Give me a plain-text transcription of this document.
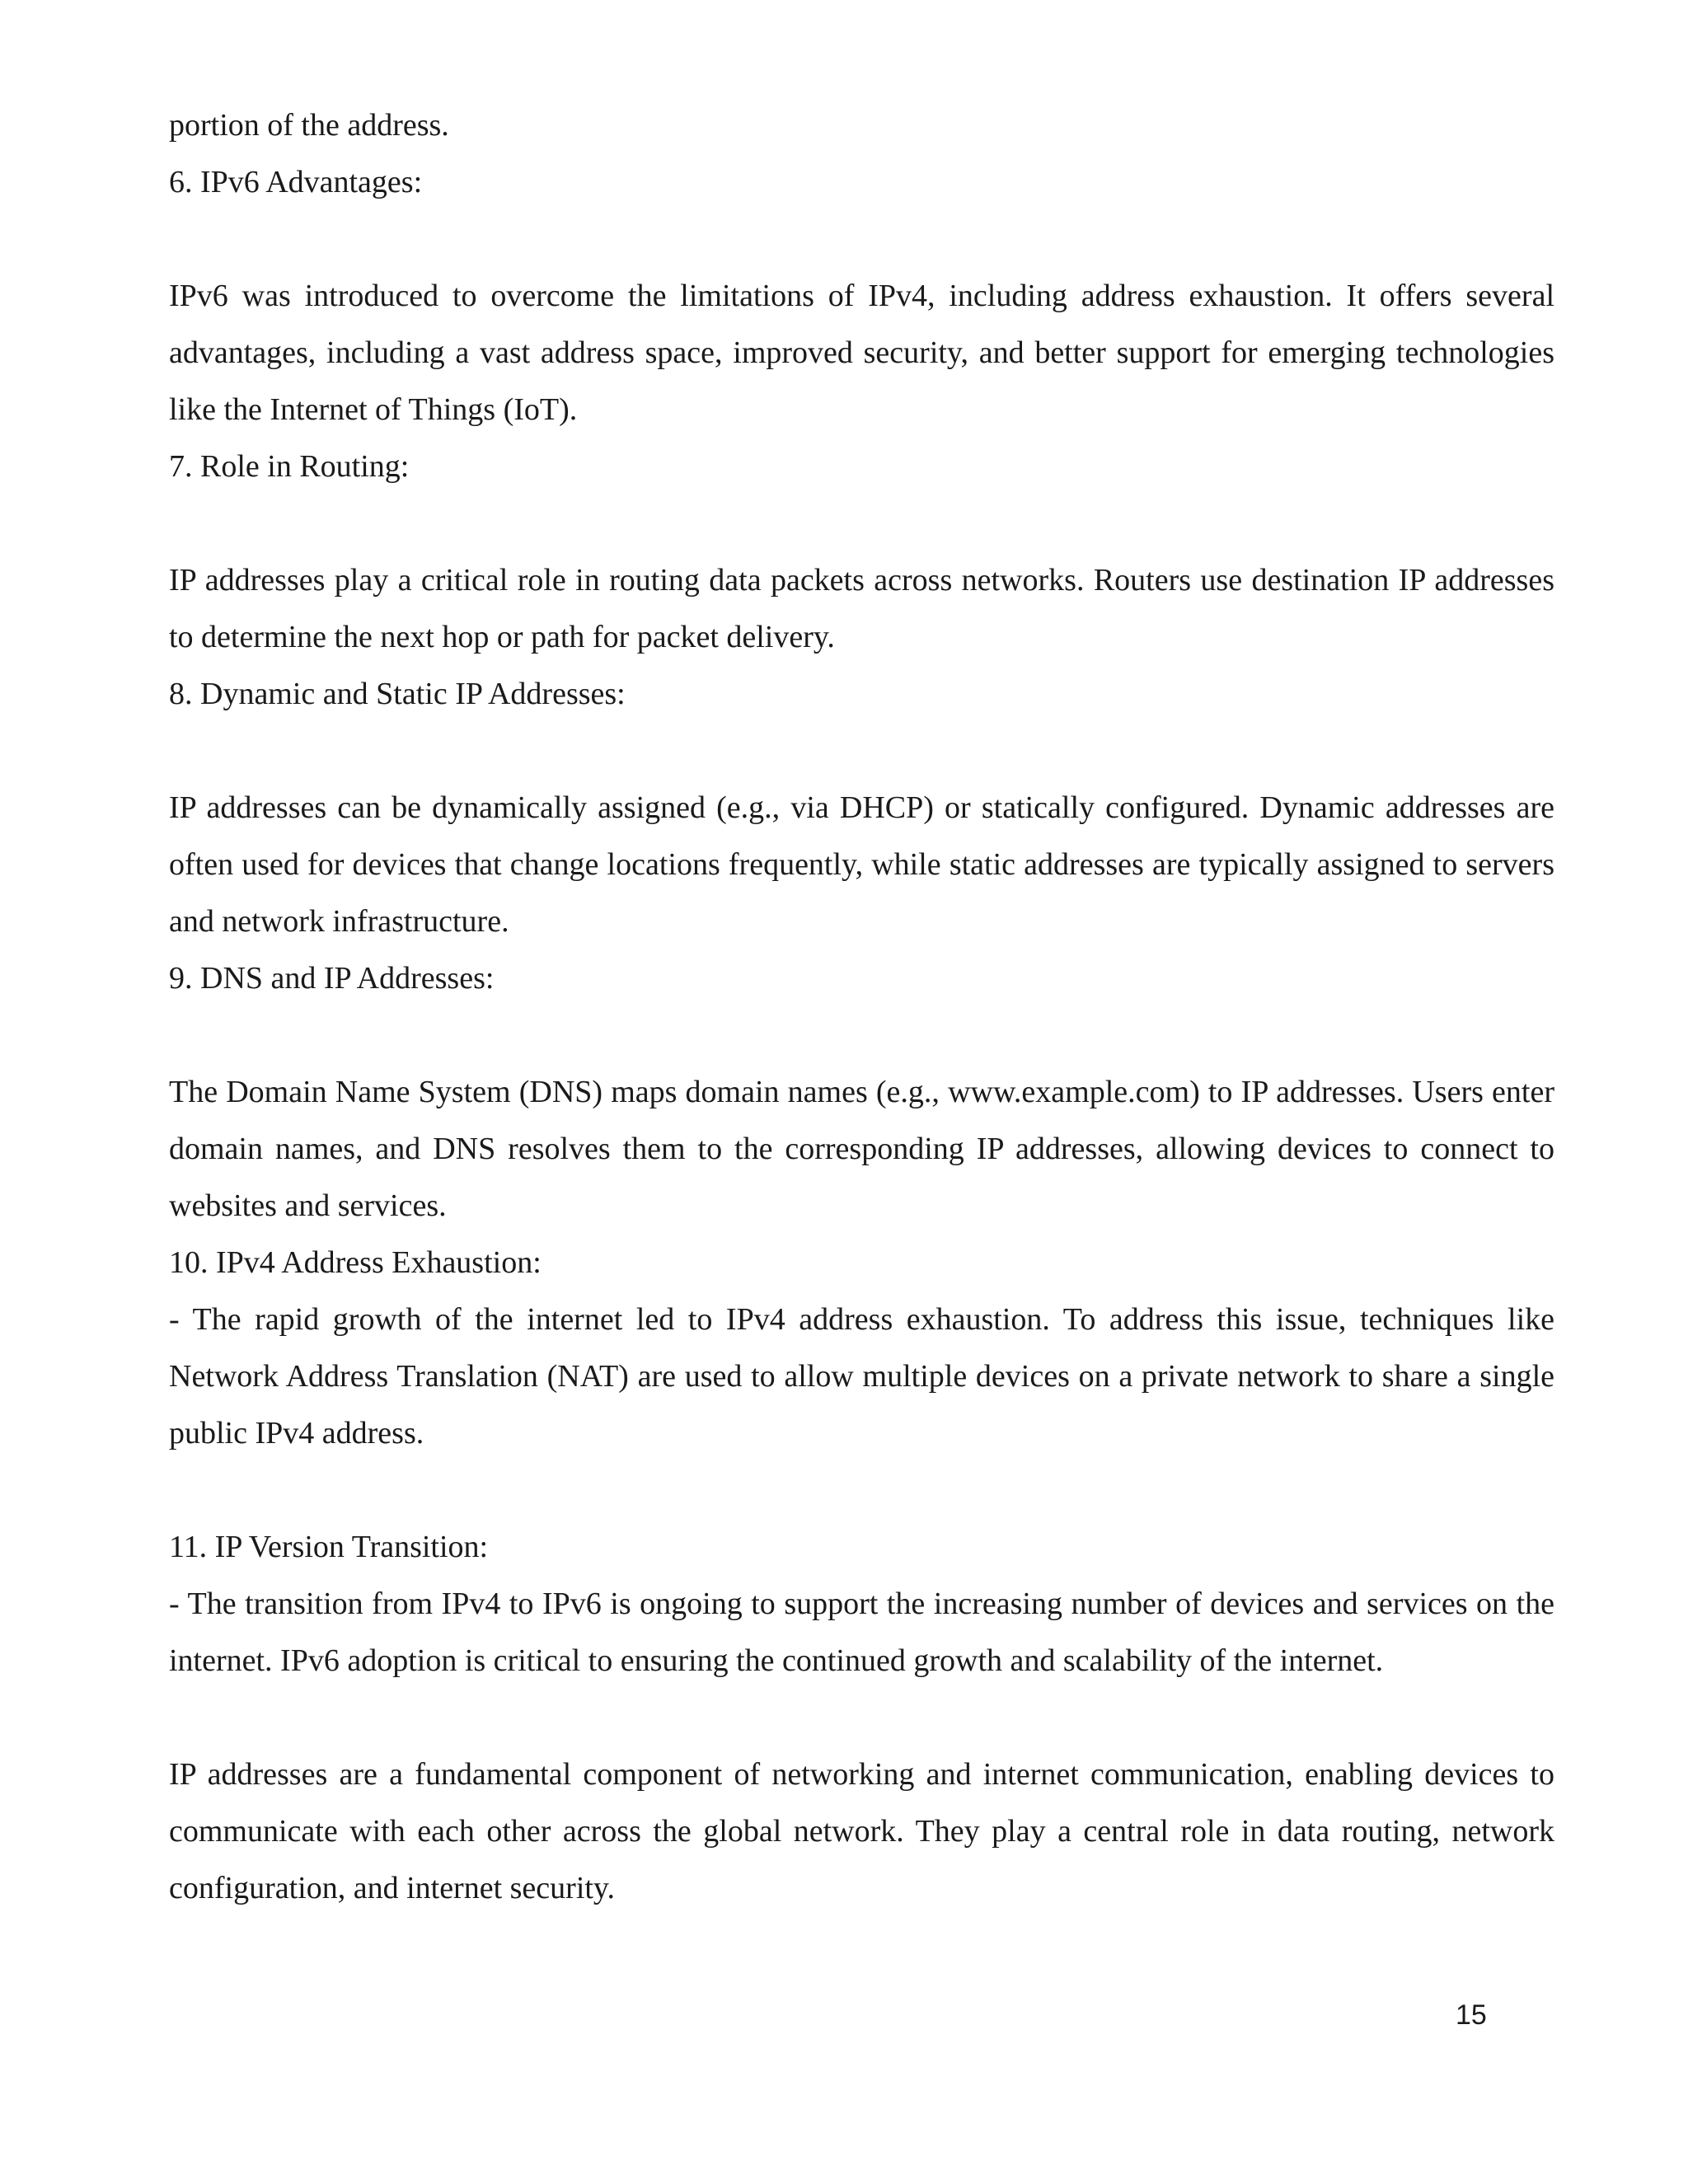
portion of the address.

6. IPv6 Advantages:

IPv6 was introduced to overcome the limitations of IPv4, including address exhaustion. It offers several advantages, including a vast address space, improved security, and better support for emerging technologies like the Internet of Things (IoT).

7. Role in Routing:

IP addresses play a critical role in routing data packets across networks. Routers use destination IP addresses to determine the next hop or path for packet delivery.

8. Dynamic and Static IP Addresses:

IP addresses can be dynamically assigned (e.g., via DHCP) or statically configured. Dynamic addresses are often used for devices that change locations frequently, while static addresses are typically assigned to servers and network infrastructure.

9. DNS and IP Addresses:

The Domain Name System (DNS) maps domain names (e.g., www.example.com) to IP addresses. Users enter domain names, and DNS resolves them to the corresponding IP addresses, allowing devices to connect to websites and services.

10. IPv4 Address Exhaustion:

- The rapid growth of the internet led to IPv4 address exhaustion. To address this issue, techniques like Network Address Translation (NAT) are used to allow multiple devices on a private network to share a single public IPv4 address.

11. IP Version Transition:

- The transition from IPv4 to IPv6 is ongoing to support the increasing number of devices and services on the internet. IPv6 adoption is critical to ensuring the continued growth and scalability of the internet.

IP addresses are a fundamental component of networking and internet communication, enabling devices to communicate with each other across the global network. They play a central role in data routing, network configuration, and internet security.

15
